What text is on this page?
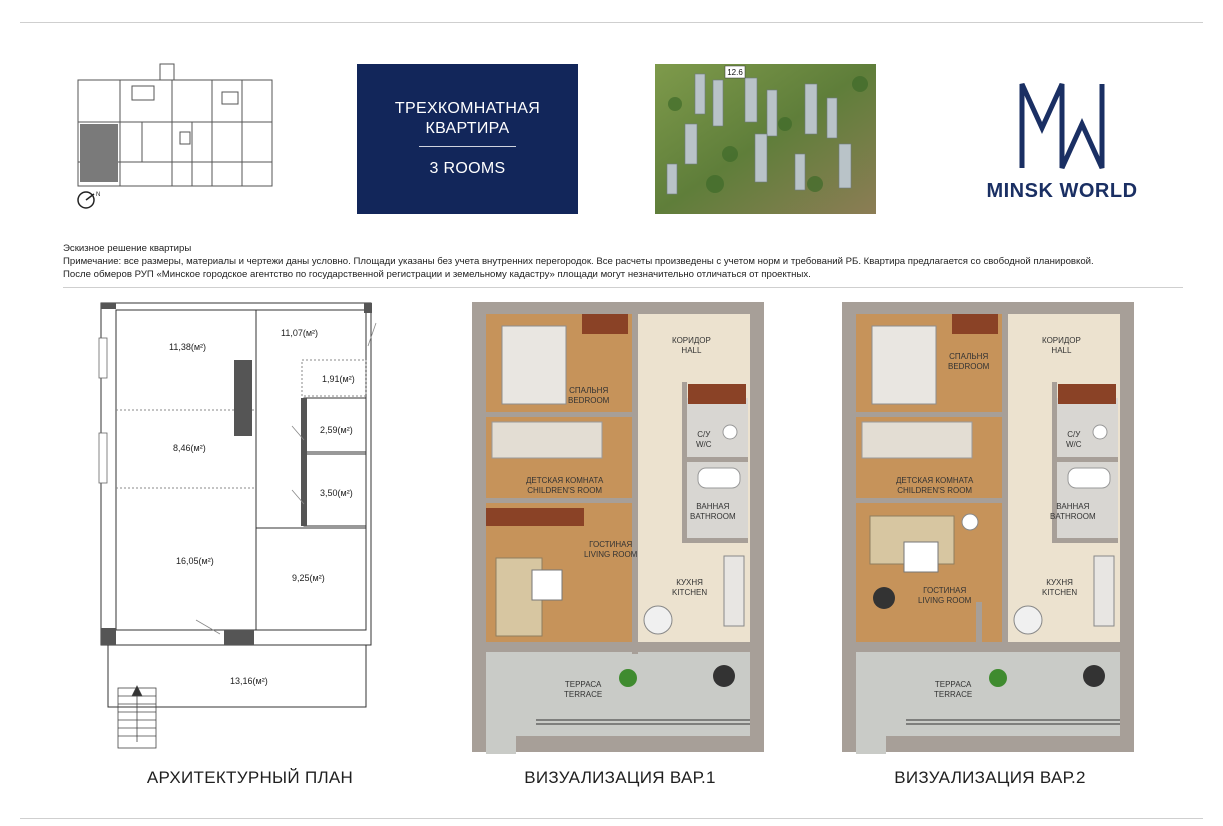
N
ТРЕХКОМНАТНАЯ
КВАРТИРА
3 ROOMS
12.6
MINSK WORLD
Эскизное решение квартиры
Примечание: все размеры, материалы и чертежи даны условно. Площади указаны без учета внутренних перегородок. Все расчеты произведены с учетом норм и требований РБ. Квартира предлагается со свободной планировкой.
После обмеров РУП «Минское городское агентство по государственной регистрации и земельному кадастру» площади могут незначительно отличаться от проектных.
11,38(м²)
11,07(м²)
1,91(м²)
2,59(м²)
8,46(м²)
3,50(м²)
16,05(м²)
9,25(м²)
13,16(м²)
КОРИДОР
HALL
СПАЛЬНЯ
BEDROOM
С/У
W/C
ДЕТСКАЯ КОМНАТА
CHILDREN'S ROOM
ВАННАЯ
BATHROOM
ГОСТИНАЯ
LIVING ROOM
КУХНЯ
KITCHEN
ТЕРРАСА
TERRACE
КОРИДОР
HALL
СПАЛЬНЯ
BEDROOM
С/У
W/C
ДЕТСКАЯ КОМНАТА
CHILDREN'S ROOM
ВАННАЯ
BATHROOM
ГОСТИНАЯ
LIVING ROOM
КУХНЯ
KITCHEN
ТЕРРАСА
TERRACE
АРХИТЕКТУРНЫЙ ПЛАН	ВИЗУАЛИЗАЦИЯ ВАР.1	ВИЗУАЛИЗАЦИЯ ВАР.2
